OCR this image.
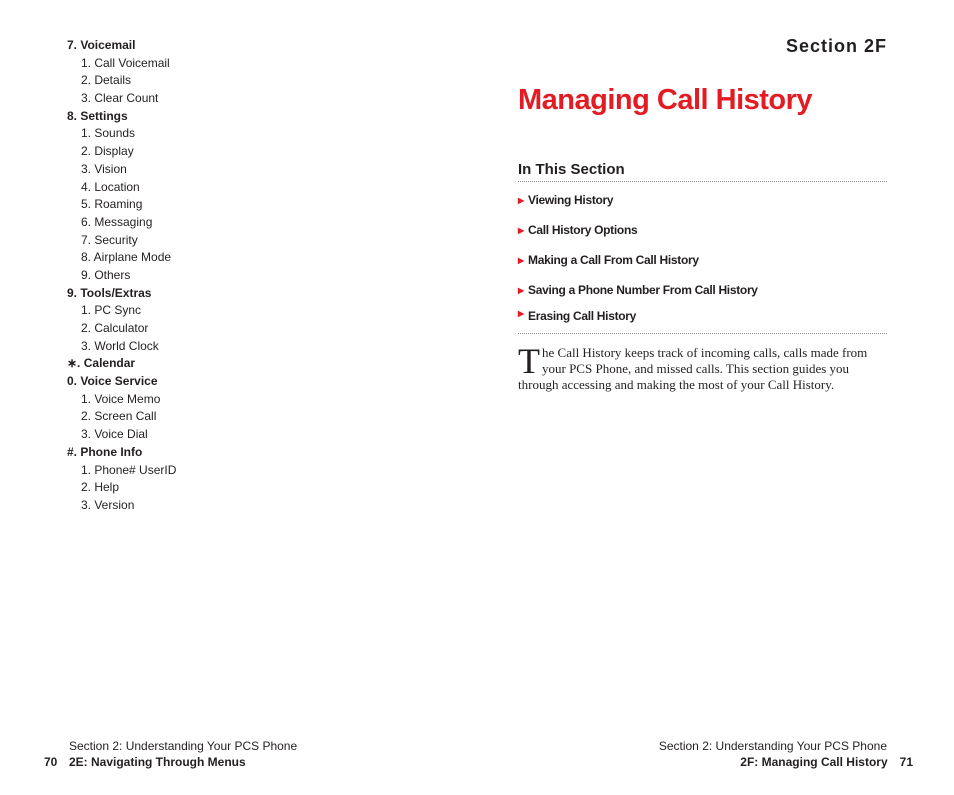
7. Voicemail
1. Call Voicemail
2. Details
3. Clear Count
8. Settings
1. Sounds
2. Display
3. Vision
4. Location
5. Roaming
6. Messaging
7. Security
8. Airplane Mode
9. Others
9. Tools/Extras
1. PC Sync
2. Calculator
3. World Clock
∗. Calendar
0. Voice Service
1. Voice Memo
2. Screen Call
3. Voice Dial
#. Phone Info
1. Phone# UserID
2. Help
3. Version
Section 2F
Managing Call History
In This Section
▶ Viewing History
▶ Call History Options
▶ Making a Call From Call History
▶ Saving a Phone Number From Call History
▶ Erasing Call History

The Call History keeps track of incoming calls, calls made from your PCS Phone, and missed calls. This section guides you through accessing and making the most of your Call History.

Section 2: Understanding Your PCS Phone
70 2E: Navigating Through Menus
Section 2: Understanding Your PCS Phone
2F: Managing Call History 71
